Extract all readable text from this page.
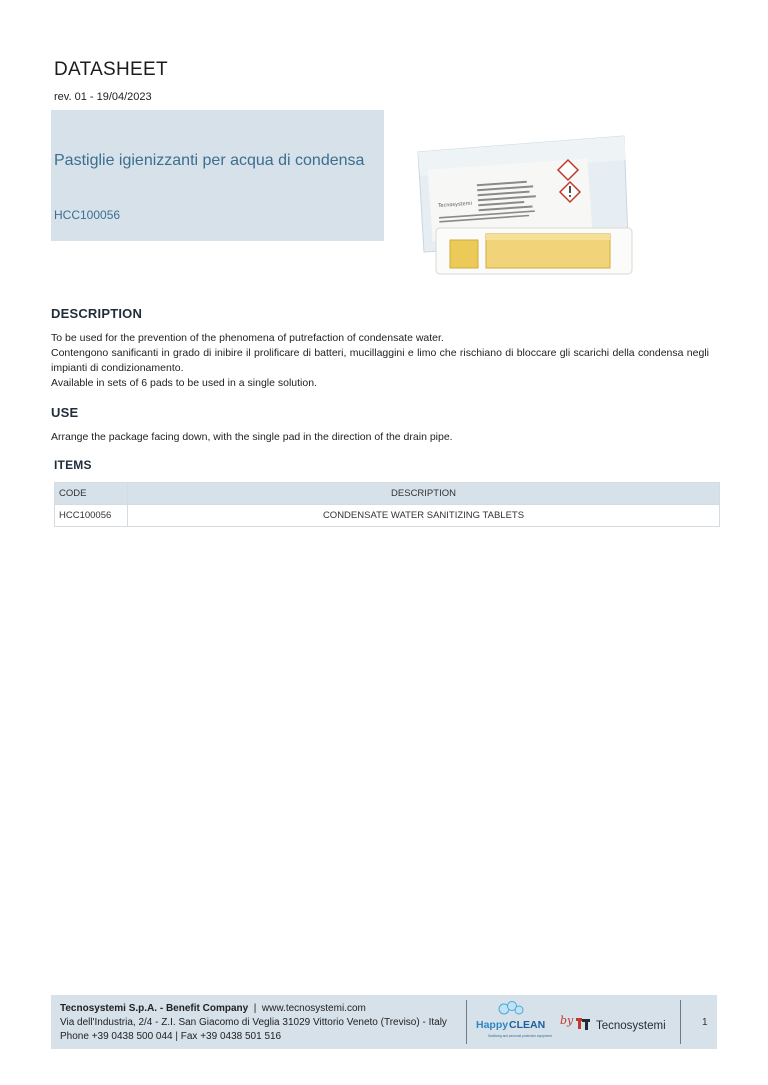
DATASHEET
rev. 01 - 19/04/2023
Pastiglie igienizzanti per acqua di condensa
HCC100056
Tecnosystemi
DESCRIPTION

To be used for the prevention of the phenomena of putrefaction of condensate water.

Contengono sanificanti in grado di inibire il prolificare di batteri, mucillaggini e limo che rischiano di bloccare gli scarichi della condensa negli impianti di condizionamento.

Available in sets of 6 pads to be used in a single solution.

USE
Arrange the package facing down, with the single pad in the direction of the drain pipe.
ITEMS
CODE	DESCRIPTION
HCC100056	CONDENSATE WATER SANITIZING TABLETS
Tecnosystemi S.p.A. - Benefit Company | www.tecnosystemi.com
Via dell'Industria, 2/4 - Z.I. San Giacomo di Veglia 31029 Vittorio Veneto (Treviso) - Italy
Phone +39 0438 500 044 | Fax +39 0438 501 516
Happy CLEAN
Sanitizing and personal protection equipment
by Tecnosystemi	1
